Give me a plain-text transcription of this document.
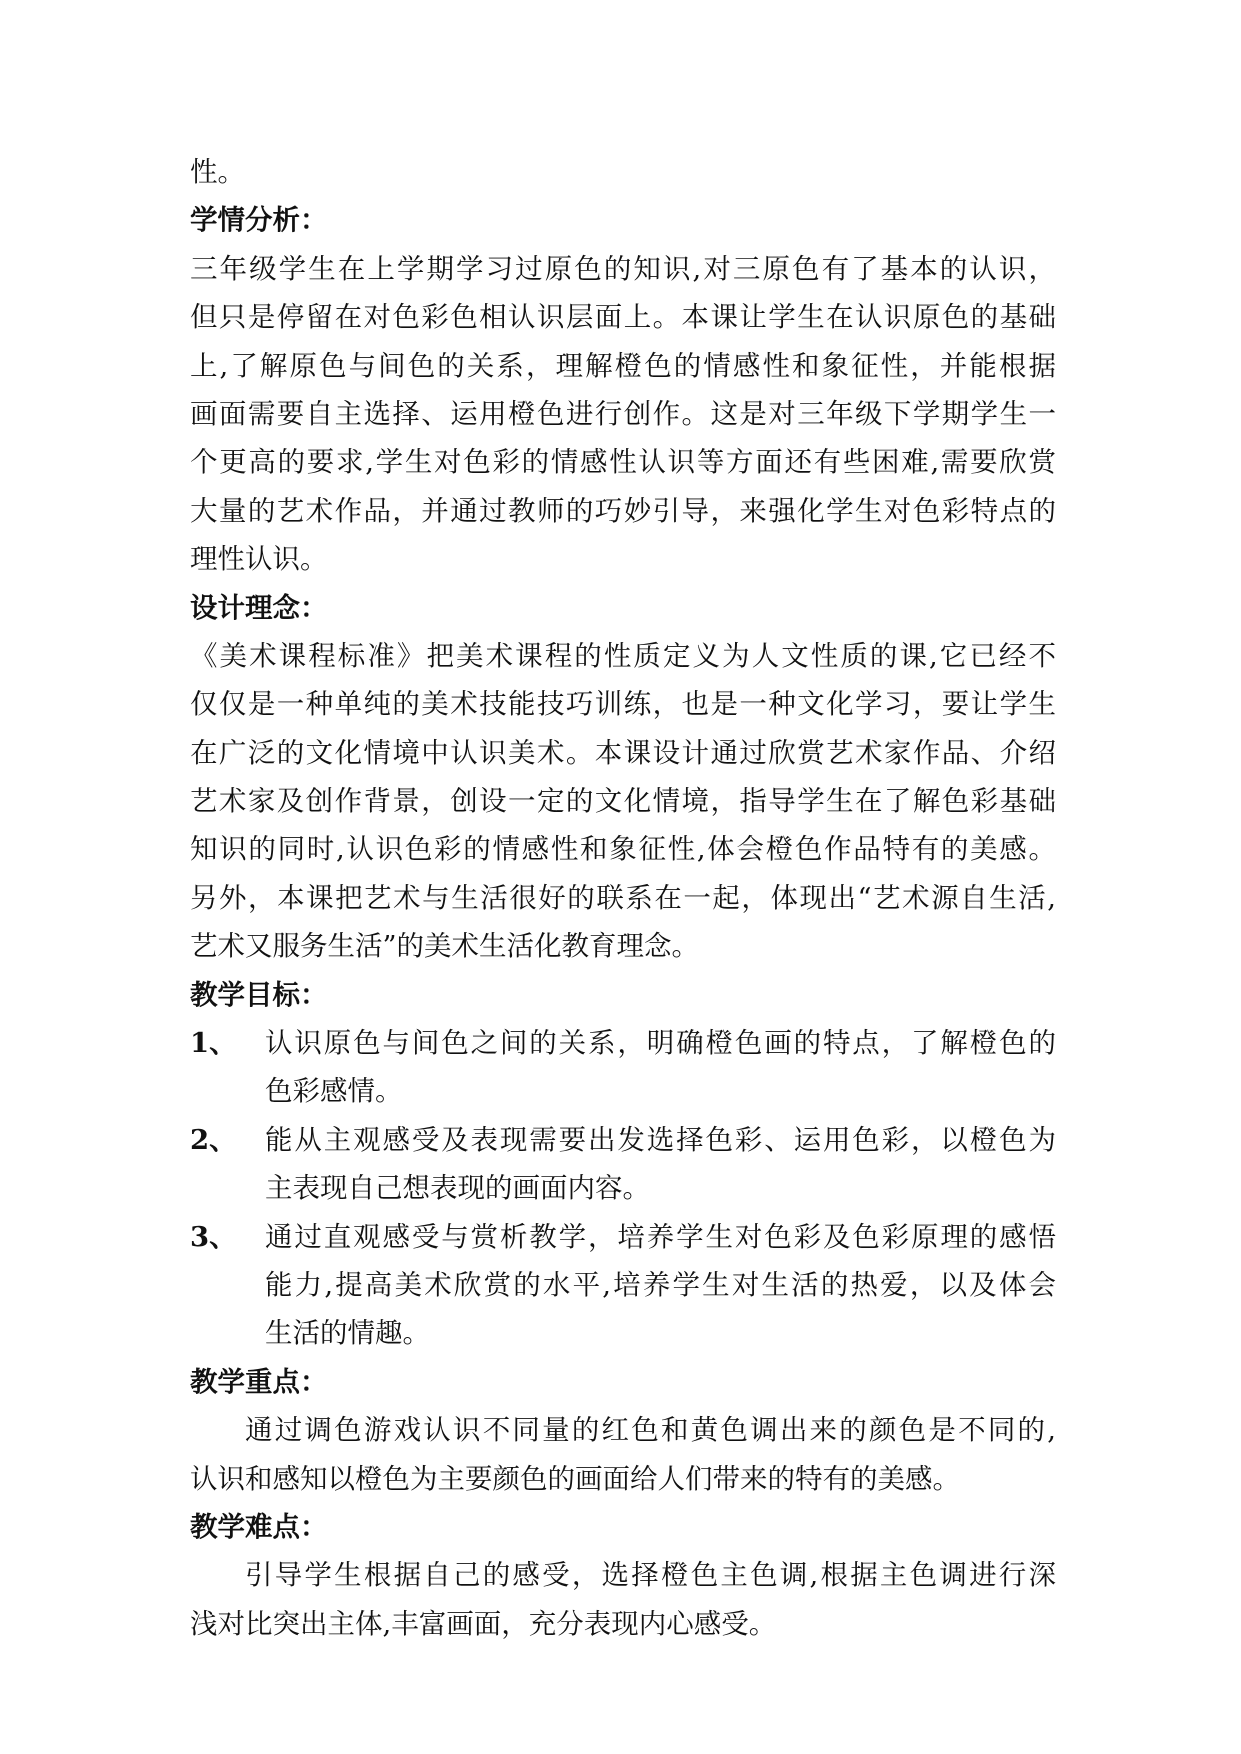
性。
学情分析：
三年级学生在上学期学习过原色的知识,对三原色有了基本的认识，
但只是停留在对色彩色相认识层面上。本课让学生在认识原色的基础
上,了解原色与间色的关系，理解橙色的情感性和象征性，并能根据
画面需要自主选择、运用橙色进行创作。这是对三年级下学期学生一
个更高的要求,学生对色彩的情感性认识等方面还有些困难,需要欣赏
大量的艺术作品，并通过教师的巧妙引导，来强化学生对色彩特点的
理性认识。
设计理念：
《美术课程标准》把美术课程的性质定义为人文性质的课,它已经不
仅仅是一种单纯的美术技能技巧训练，也是一种文化学习，要让学生
在广泛的文化情境中认识美术。本课设计通过欣赏艺术家作品、介绍
艺术家及创作背景，创设一定的文化情境，指导学生在了解色彩基础
知识的同时,认识色彩的情感性和象征性,体会橙色作品特有的美感。
另外，本课把艺术与生活很好的联系在一起，体现出“艺术源自生活,
艺术又服务生活”的美术生活化教育理念。
教学目标：
1、 认识原色与间色之间的关系，明确橙色画的特点，了解橙色的
色彩感情。
2、 能从主观感受及表现需要出发选择色彩、运用色彩，以橙色为
主表现自己想表现的画面内容。
3、 通过直观感受与赏析教学，培养学生对色彩及色彩原理的感悟
能力,提高美术欣赏的水平,培养学生对生活的热爱，以及体会
生活的情趣。
教学重点：
通过调色游戏认识不同量的红色和黄色调出来的颜色是不同的,
认识和感知以橙色为主要颜色的画面给人们带来的特有的美感。
教学难点：
引导学生根据自己的感受，选择橙色主色调,根据主色调进行深
浅对比突出主体,丰富画面，充分表现内心感受。
